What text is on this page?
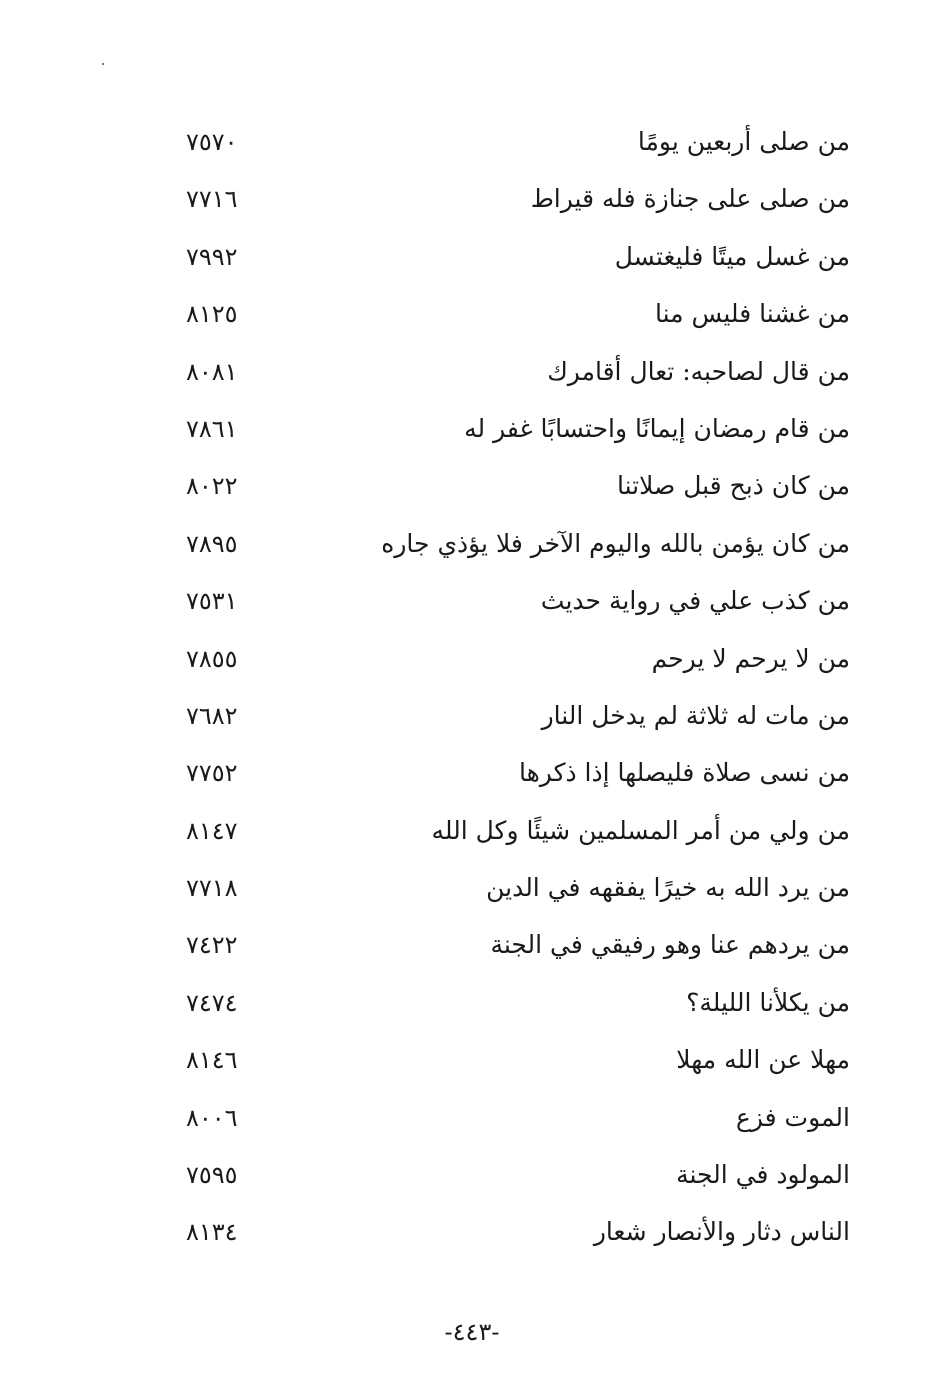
من صلى أربعين يومًا
٧٥٧٠
من صلى على جنازة فله قيراط
٧٧١٦
من غسل ميتًا فليغتسل
٧٩٩٢
من غشنا فليس منا
٨١٢٥
من قال لصاحبه: تعال أقامرك
٨٠٨١
من قام رمضان إيمانًا واحتسابًا غفر له
٧٨٦١
من كان ذبح قبل صلاتنا
٨٠٢٢
من كان يؤمن بالله واليوم الآخر فلا يؤذي جاره
٧٨٩٥
من كذب علي في رواية حديث
٧٥٣١
من لا يرحم لا يرحم
٧٨٥٥
من مات له ثلاثة لم يدخل النار
٧٦٨٢
من نسى صلاة فليصلها إذا ذكرها
٧٧٥٢
من ولي من أمر المسلمين شيئًا وكل الله
٨١٤٧
من يرد الله به خيرًا يفقهه في الدين
٧٧١٨
من يردهم عنا وهو رفيقي في الجنة
٧٤٢٢
من يكلأنا الليلة؟
٧٤٧٤
مهلا عن الله مهلا
٨١٤٦
الموت فزع
٨٠٠٦
المولود في الجنة
٧٥٩٥
الناس دثار والأنصار شعار
٨١٣٤
-٤٤٣-
